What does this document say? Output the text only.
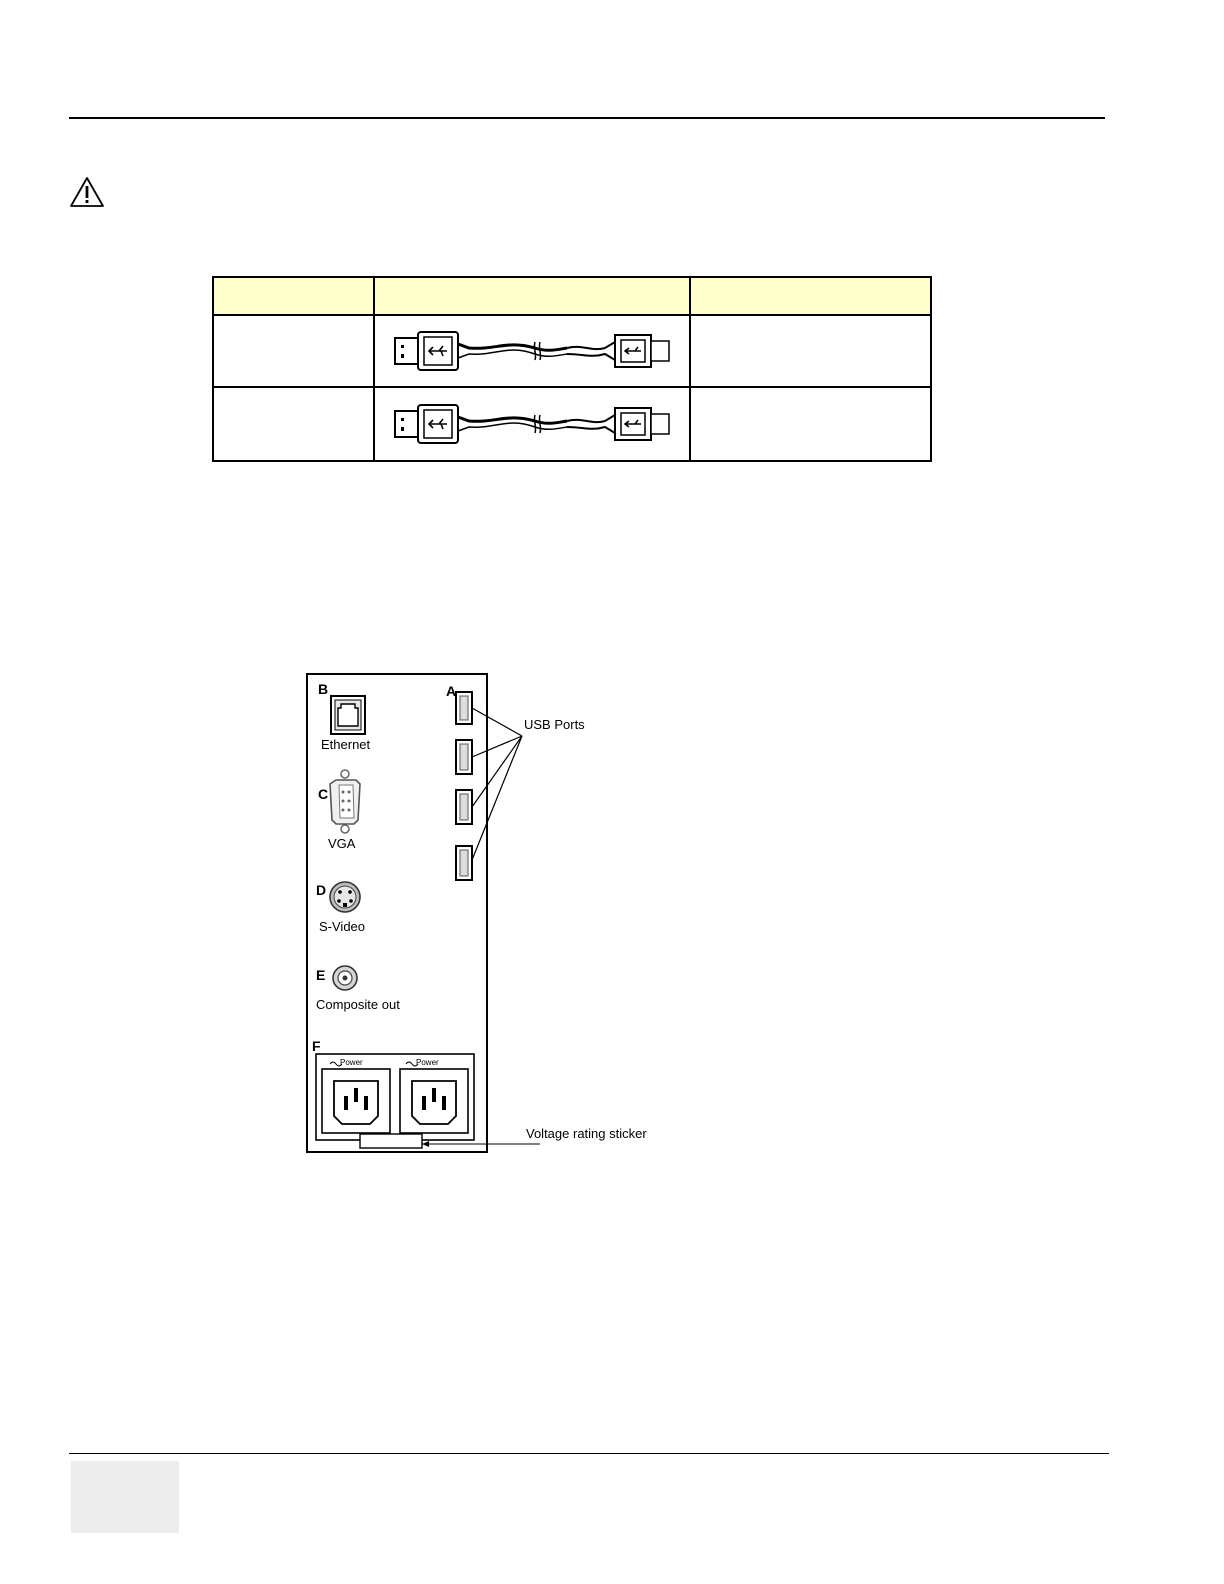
B
Ethernet
C
VGA
D
S-Video
E
Composite out
A
USB Ports
F
Power	Power
Voltage rating sticker
